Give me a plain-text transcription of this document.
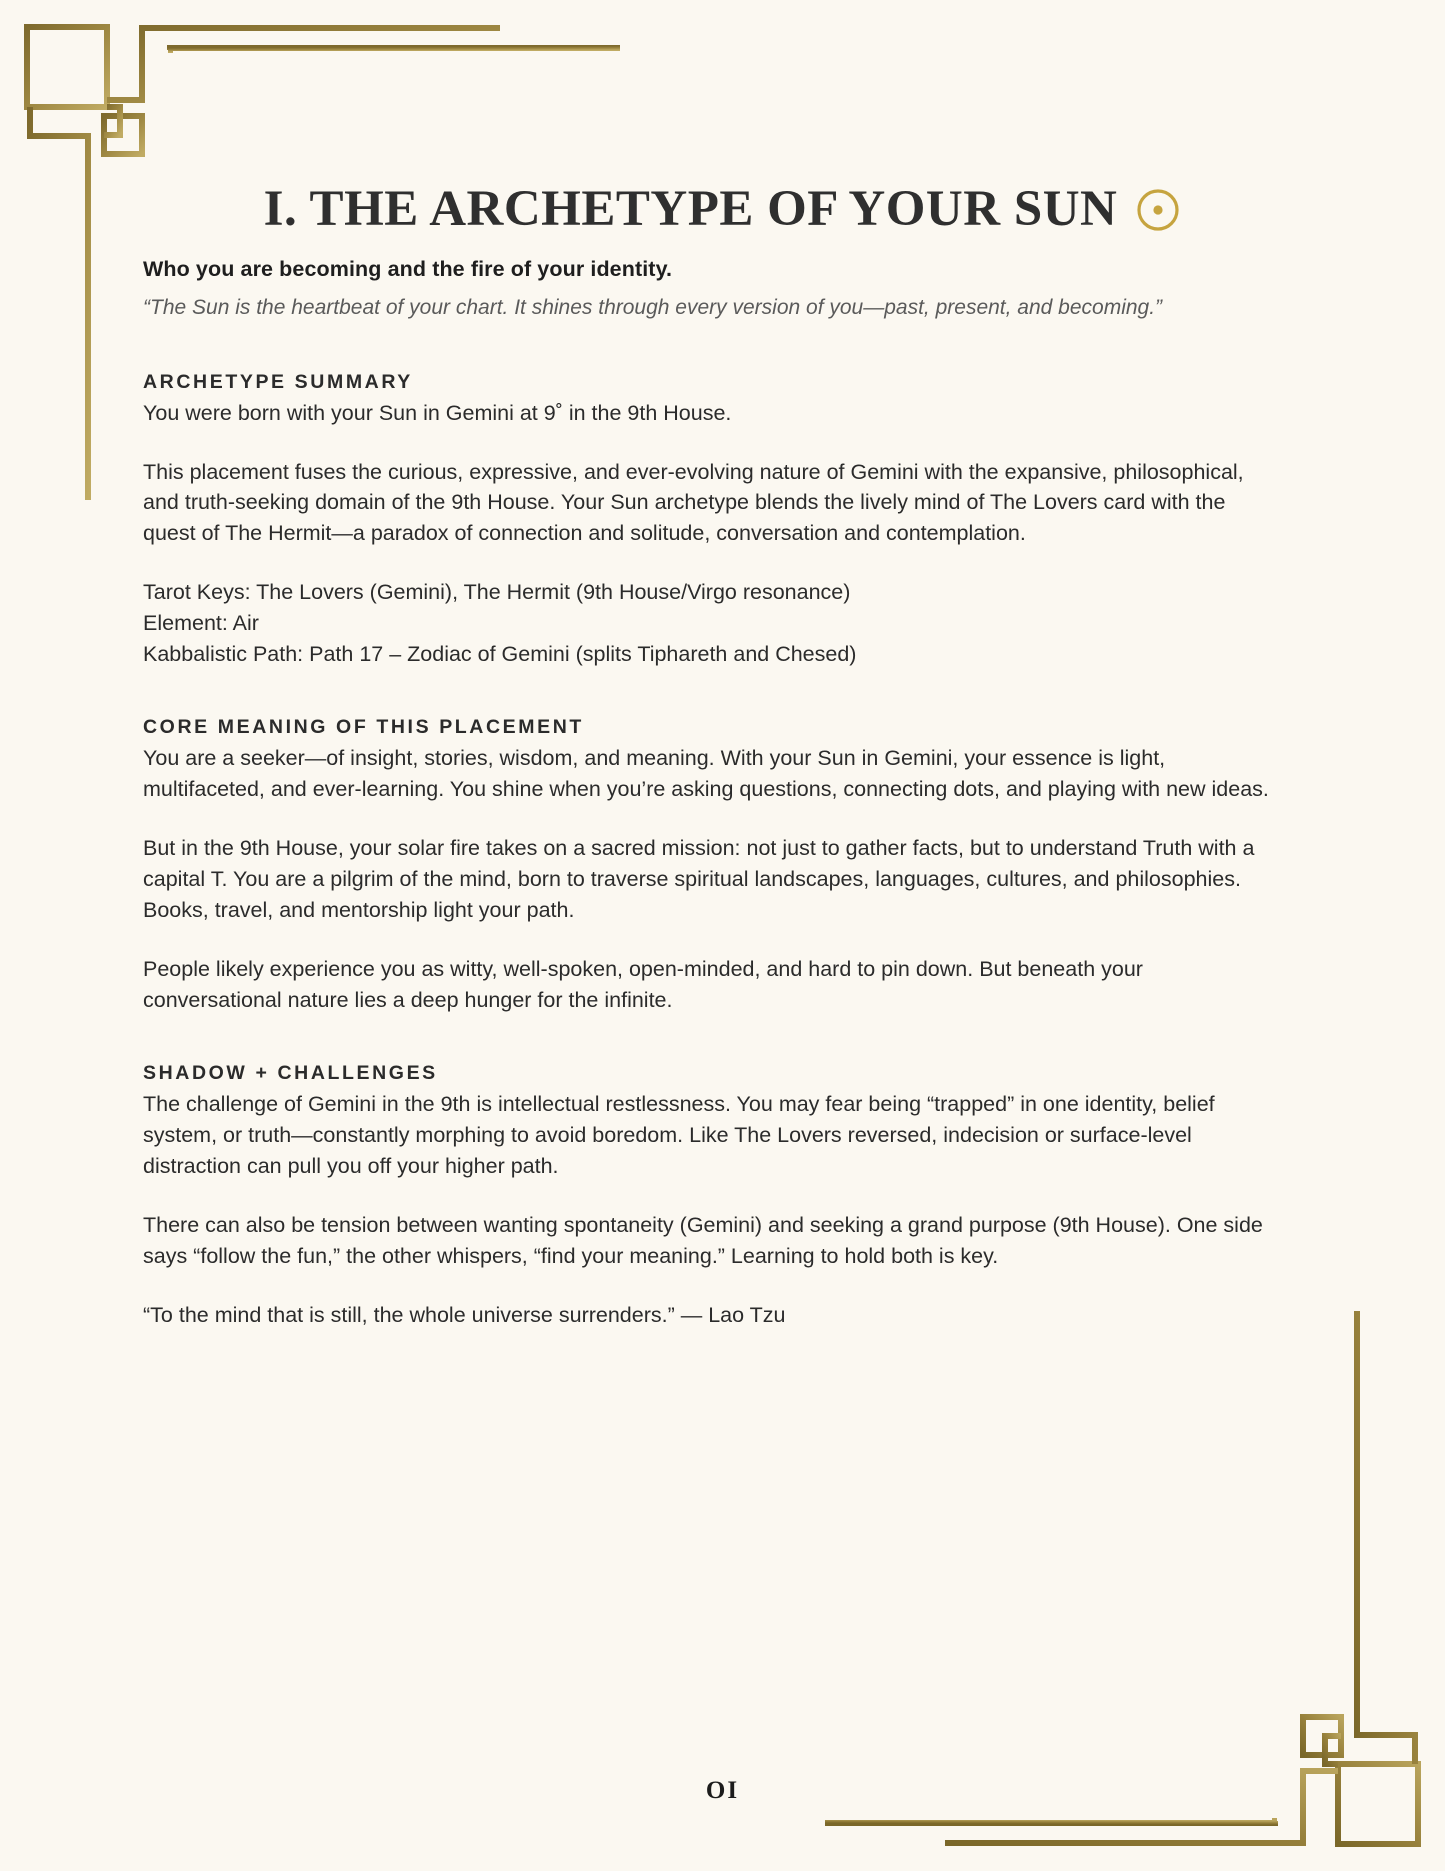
I. THE ARCHETYPE OF YOUR SUN

Who you are becoming and the fire of your identity.

“The Sun is the heartbeat of your chart. It shines through every version of you—past, present, and becoming.”

ARCHETYPE SUMMARY

You were born with your Sun in Gemini at 9˚ in the 9th House.

This placement fuses the curious, expressive, and ever-evolving nature of Gemini with the expansive, philosophical, and truth-seeking domain of the 9th House. Your Sun archetype blends the lively mind of The Lovers card with the quest of The Hermit—a paradox of connection and solitude, conversation and contemplation.

Tarot Keys: The Lovers (Gemini), The Hermit (9th House/Virgo resonance)

Element: Air

Kabbalistic Path: Path 17 – Zodiac of Gemini (splits Tiphareth and Chesed)

CORE MEANING OF THIS PLACEMENT

You are a seeker—of insight, stories, wisdom, and meaning. With your Sun in Gemini, your essence is light, multifaceted, and ever-learning. You shine when you’re asking questions, connecting dots, and playing with new ideas.

But in the 9th House, your solar fire takes on a sacred mission: not just to gather facts, but to understand Truth with a capital T. You are a pilgrim of the mind, born to traverse spiritual landscapes, languages, cultures, and philosophies. Books, travel, and mentorship light your path.

People likely experience you as witty, well-spoken, open-minded, and hard to pin down. But beneath your conversational nature lies a deep hunger for the infinite.

SHADOW + CHALLENGES

The challenge of Gemini in the 9th is intellectual restlessness. You may fear being “trapped” in one identity, belief system, or truth—constantly morphing to avoid boredom. Like The Lovers reversed, indecision or surface-level distraction can pull you off your higher path.

There can also be tension between wanting spontaneity (Gemini) and seeking a grand purpose (9th House). One side says “follow the fun,” the other whispers, “find your meaning.” Learning to hold both is key.

“To the mind that is still, the whole universe surrenders.” — Lao Tzu

OI
